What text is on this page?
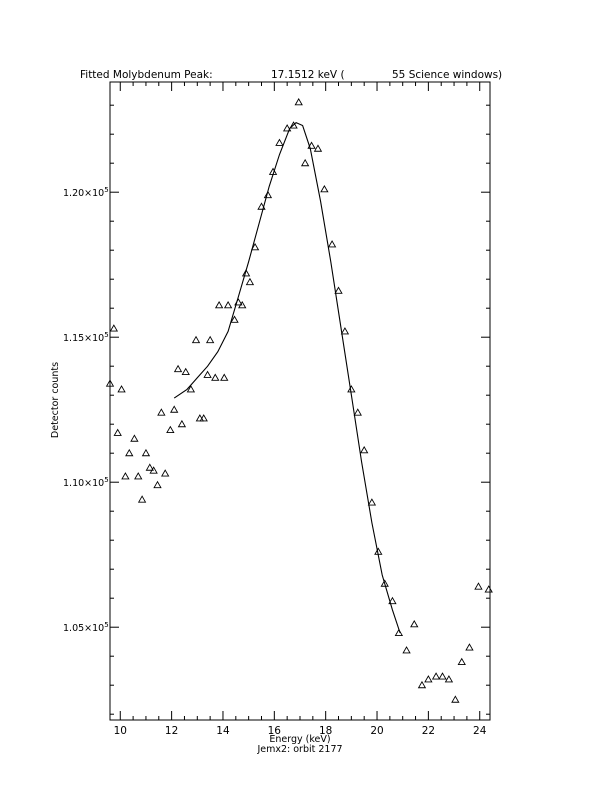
$1.05\times 10^5$
$1.10\times 10^5$
$1.15\times 10^5$
$1.20\times 10^5$
10	12	14	16	18	20	22	24
Fitted Molybdenum Peak:	17.1512 keV (	55 Science windows)
Energy (keV)
Jemx2: orbit 2177
Detector counts
